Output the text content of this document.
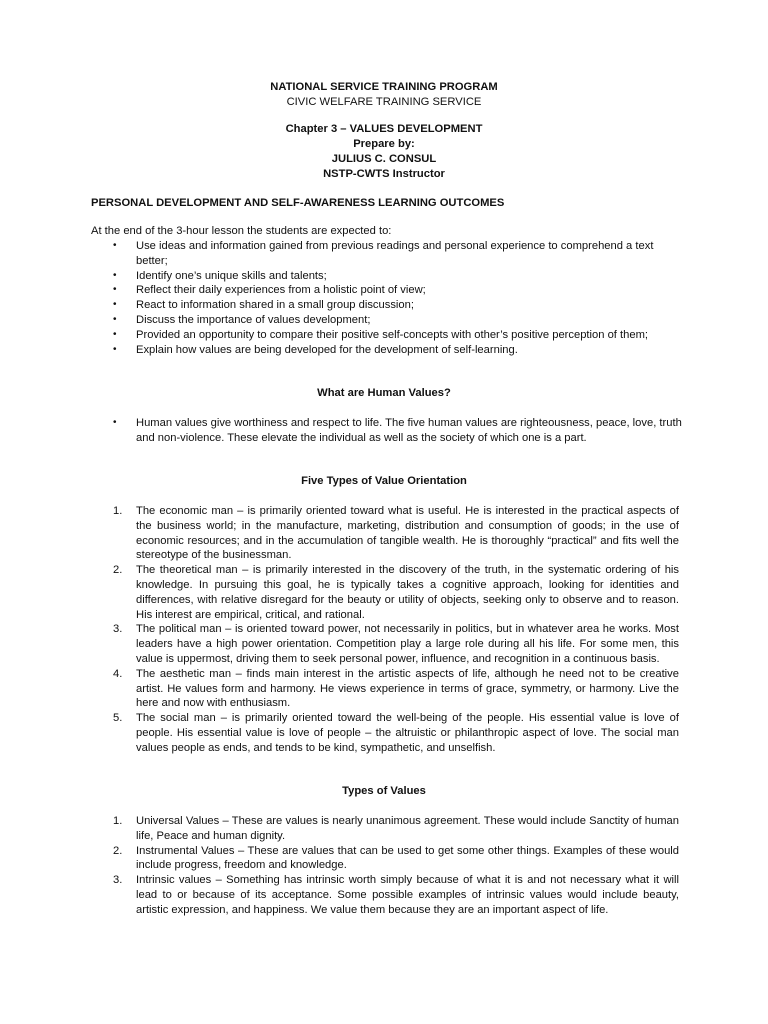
NATIONAL SERVICE TRAINING PROGRAM
CIVIC WELFARE TRAINING SERVICE
Chapter 3 – VALUES DEVELOPMENT
Prepare by:
JULIUS C. CONSUL
NSTP-CWTS Instructor
PERSONAL DEVELOPMENT AND SELF-AWARENESS LEARNING OUTCOMES
At the end of the 3-hour lesson the students are expected to:
• Use ideas and information gained from previous readings and personal experience to comprehend a text better;
• Identify one’s unique skills and talents;
• Reflect their daily experiences from a holistic point of view;
• React to information shared in a small group discussion;
• Discuss the importance of values development;
• Provided an opportunity to compare their positive self-concepts with other’s positive perception of them;
• Explain how values are being developed for the development of self-learning.
What are Human Values?
• Human values give worthiness and respect to life. The five human values are righteousness, peace, love, truth and non-violence. These elevate the individual as well as the society of which one is a part.
Five Types of Value Orientation
1. The economic man – is primarily oriented toward what is useful. He is interested in the practical aspects of the business world; in the manufacture, marketing, distribution and consumption of goods; in the use of economic resources; and in the accumulation of tangible wealth. He is thoroughly “practical” and fits well the stereotype of the businessman.
2. The theoretical man – is primarily interested in the discovery of the truth, in the systematic ordering of his knowledge. In pursuing this goal, he is typically takes a cognitive approach, looking for identities and differences, with relative disregard for the beauty or utility of objects, seeking only to observe and to reason. His interest are empirical, critical, and rational.
3. The political man – is oriented toward power, not necessarily in politics, but in whatever area he works. Most leaders have a high power orientation. Competition play a large role during all his life. For some men, this value is uppermost, driving them to seek personal power, influence, and recognition in a continuous basis.
4. The aesthetic man – finds main interest in the artistic aspects of life, although he need not to be creative artist. He values form and harmony. He views experience in terms of grace, symmetry, or harmony. Live the here and now with enthusiasm.
5. The social man – is primarily oriented toward the well-being of the people. His essential value is love of people. His essential value is love of people – the altruistic or philanthropic aspect of love. The social man values people as ends, and tends to be kind, sympathetic, and unselfish.
Types of Values
1. Universal Values – These are values is nearly unanimous agreement. These would include Sanctity of human life, Peace and human dignity.
2. Instrumental Values – These are values that can be used to get some other things. Examples of these would include progress, freedom and knowledge.
3. Intrinsic values – Something has intrinsic worth simply because of what it is and not necessary what it will lead to or because of its acceptance. Some possible examples of intrinsic values would include beauty, artistic expression, and happiness. We value them because they are an important aspect of life.
